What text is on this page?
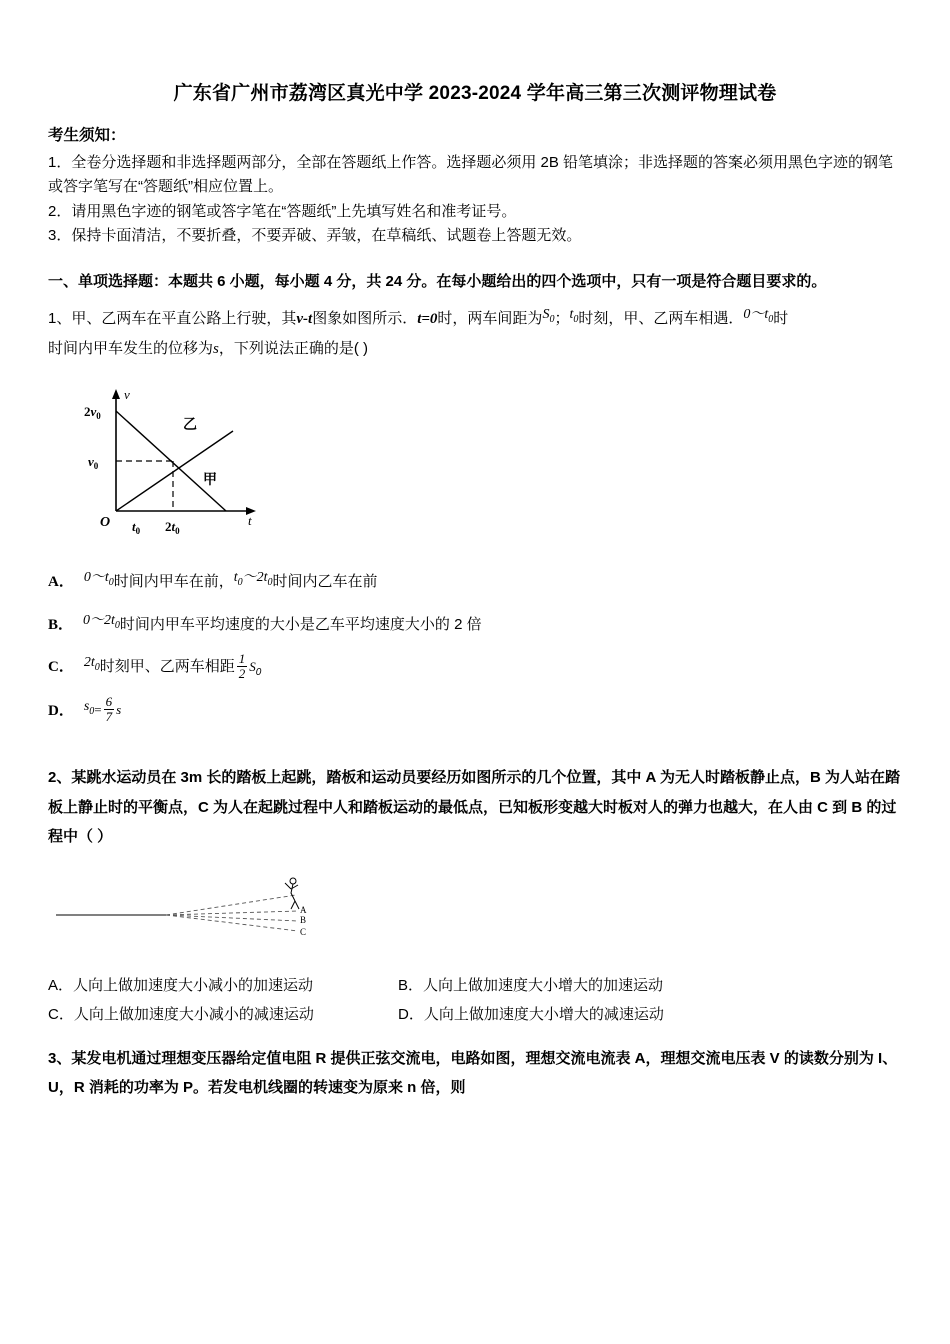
广东省广州市荔湾区真光中学 2023-2024 学年高三第三次测评物理试卷

考生须知：

1．全卷分选择题和非选择题两部分，全部在答题纸上作答。选择题必须用 2B 铅笔填涂；非选择题的答案必须用黑色字迹的钢笔或答字笔写在“答题纸”相应位置上。

2．请用黑色字迹的钢笔或答字笔在“答题纸”上先填写姓名和准考证号。

3．保持卡面清洁，不要折叠，不要弄破、弄皱，在草稿纸、试题卷上答题无效。

一、单项选择题：本题共 6 小题，每小题 4 分，共 24 分。在每小题给出的四个选项中，只有一项是符合题目要求的。

1、甲、乙两车在平直公路上行驶，其v-t图象如图所示．t=0时，两车间距为$S_0$；$t_0$时刻，甲、乙两车相遇．$0\sim t_0$时

时间内甲车发生的位移为s，下列说法正确的是( )

v
t
O
$2v_0$
$v_0$
$t_0$ $2t_0$
乙
甲
A． $0\sim t_0$时间内甲车在前，$t_0\sim 2t_0$时间内乙车在前
B． $0\sim 2t_0$时间内甲车平均速度的大小是乙车平均速度大小的 2 倍
C． $2t_0$时刻甲、乙两车相距 $\frac{1}{2} S_0$
D． $s_0= \frac{6}{7}$ s

2、某跳水运动员在 3m 长的踏板上起跳，踏板和运动员要经历如图所示的几个位置，其中 A 为无人时踏板静止点，B 为人站在踏板上静止时的平衡点，C 为人在起跳过程中人和踏板运动的最低点，已知板形变越大时板对人的弹力也越大，在人由 C 到 B 的过程中（ ）

A
B
C
A．人向上做加速度大小减小的加速运动	B．人向上做加速度大小增大的加速运动
C．人向上做加速度大小减小的减速运动	D．人向上做加速度大小增大的减速运动

3、某发电机通过理想变压器给定值电阻 R 提供正弦交流电，电路如图，理想交流电流表 A，理想交流电压表 V 的读数分别为 I、U，R 消耗的功率为 P。若发电机线圈的转速变为原来 n 倍，则
